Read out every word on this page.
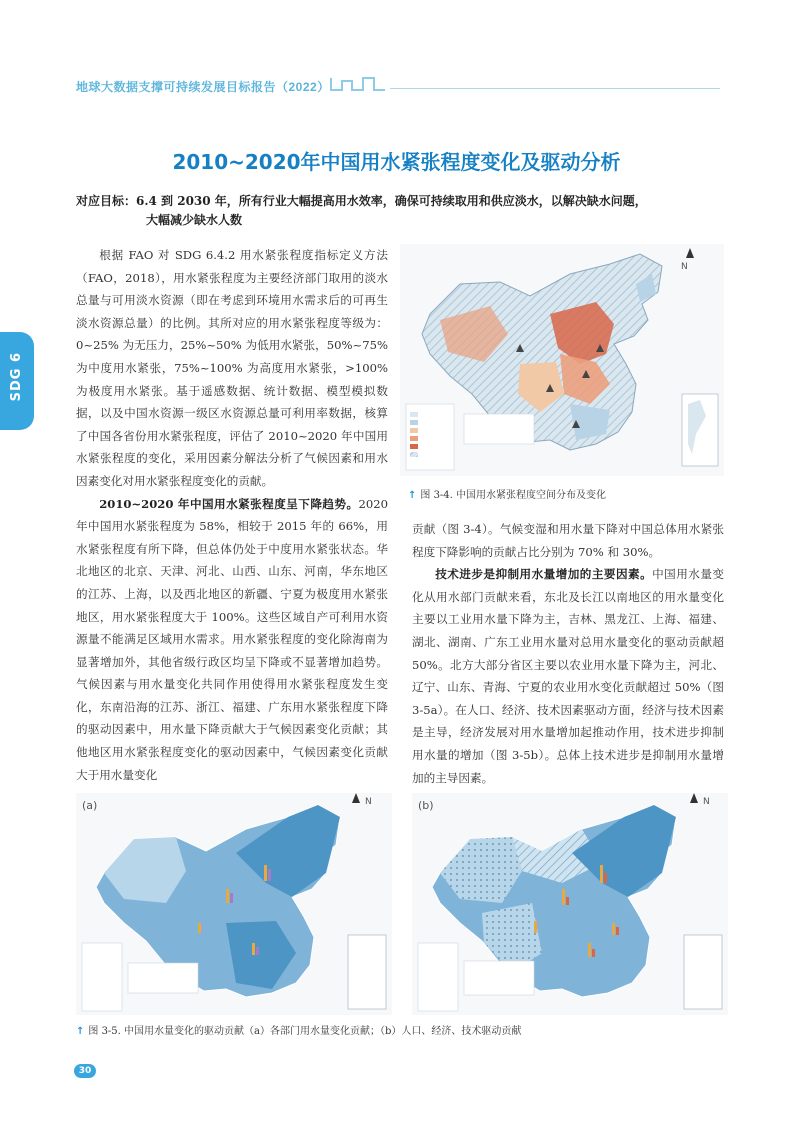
地球大数据支撑可持续发展目标报告（2022）
SDG 6
2010~2020年中国用水紧张程度变化及驱动分析
对应目标：6.4 到 2030 年，所有行业大幅提高用水效率，确保可持续取用和供应淡水，以解决缺水问题，
大幅减少缺水人数

根据 FAO 对 SDG 6.4.2 用水紧张程度指标定义方法（FAO，2018），用水紧张程度为主要经济部门取用的淡水总量与可用淡水资源（即在考虑到环境用水需求后的可再生淡水资源总量）的比例。其所对应的用水紧张程度等级为：0~25% 为无压力，25%~50% 为低用水紧张，50%~75% 为中度用水紧张，75%~100% 为高度用水紧张，>100% 为极度用水紧张。基于遥感数据、统计数据、模型模拟数据，以及中国水资源一级区水资源总量可利用率数据，核算了中国各省份用水紧张程度，评估了 2010~2020 年中国用水紧张程度的变化，采用因素分解法分析了气候因素和用水因素变化对用水紧张程度变化的贡献。

2010~2020 年中国用水紧张程度呈下降趋势。2020 年中国用水紧张程度为 58%，相较于 2015 年的 66%，用水紧张程度有所下降，但总体仍处于中度用水紧张状态。华北地区的北京、天津、河北、山西、山东、河南，华东地区的江苏、上海，以及西北地区的新疆、宁夏为极度用水紧张地区，用水紧张程度大于 100%。这些区域自产可利用水资源量不能满足区域用水需求。用水紧张程度的变化除海南为显著增加外，其他省级行政区均呈下降或不显著增加趋势。气候因素与用水量变化共同作用使得用水紧张程度发生变化，东南沿海的江苏、浙江、福建、广东用水紧张程度下降的驱动因素中，用水量下降贡献大于气候因素变化贡献；其他地区用水紧张程度变化的驱动因素中，气候因素变化贡献大于用水量变化

N
↑ 图 3-4. 中国用水紧张程度空间分布及变化

贡献（图 3-4）。气候变湿和用水量下降对中国总体用水紧张程度下降影响的贡献占比分别为 70% 和 30%。

技术进步是抑制用水量增加的主要因素。中国用水量变化从用水部门贡献来看，东北及长江以南地区的用水量变化主要以工业用水量下降为主，吉林、黑龙江、上海、福建、湖北、湖南、广东工业用水量对总用水量变化的驱动贡献超 50%。北方大部分省区主要以农业用水量下降为主，河北、辽宁、山东、青海、宁夏的农业用水变化贡献超过 50%（图 3-5a）。在人口、经济、技术因素驱动方面，经济与技术因素是主导，经济发展对用水量增加起推动作用，技术进步抑制用水量的增加（图 3-5b）。总体上技术进步是抑制用水量增加的主导因素。

(a)	N	(b)	N
↑ 图 3-5. 中国用水量变化的驱动贡献（a）各部门用水量变化贡献；（b）人口、经济、技术驱动贡献
30
